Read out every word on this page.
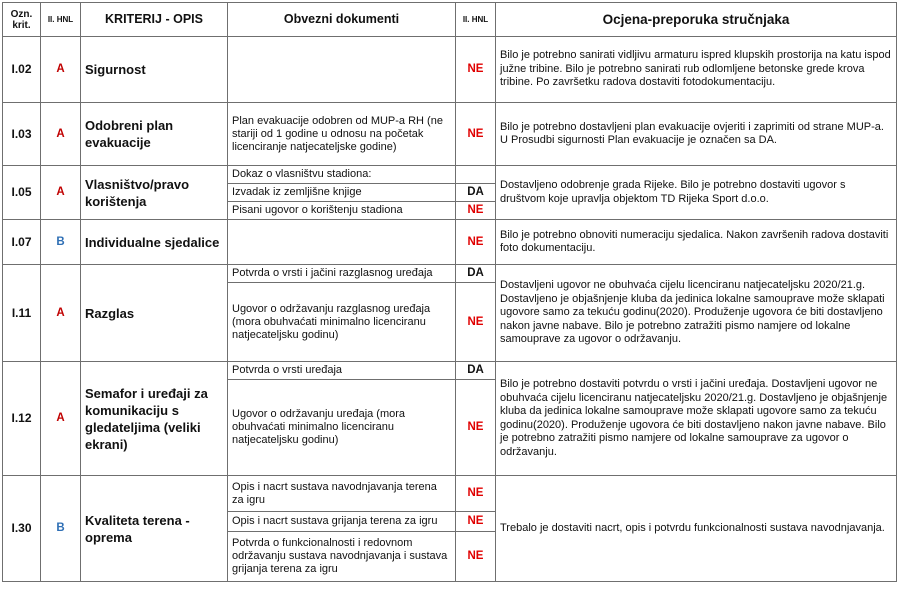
Ozn. krit.	II. HNL	KRITERIJ - OPIS	Obvezni dokumenti	II. HNL	Ocjena-preporuka stručnjaka
I.02	A	Sigurnost		NE	Bilo je potrebno sanirati vidljivu armaturu ispred klupskih prostorija na katu ispod južne tribine. Bilo je potrebno sanirati rub odlomljene betonske grede krova tribine. Po završetku radova dostaviti fotodokumentaciju.
I.03	A	Odobreni plan evakuacije	Plan evakuacije odobren od MUP-a RH (ne stariji od 1 godine u odnosu na početak licenciranje natjecateljske godine)	NE	Bilo je potrebno dostavljeni plan evakuacije ovjeriti i zaprimiti od strane MUP-a. U Prosudbi sigurnosti Plan evakuacije je označen sa DA.
I.05	A	Vlasništvo/pravo korištenja	Dokaz o vlasništvu stadiona:		Dostavljeno odobrenje grada Rijeke. Bilo je potrebno dostaviti ugovor s društvom koje upravlja objektom TD Rijeka Sport d.o.o.
			Izvadak iz zemljišne knjige	DA	
			Pisani ugovor o korištenju stadiona	NE	
I.07	B	Individualne sjedalice		NE	Bilo je potrebno obnoviti numeraciju sjedalica. Nakon završenih radova dostaviti foto dokumentaciju.
I.11	A	Razglas	Potvrda o vrsti i jačini razglasnog uređaja	DA	Dostavljeni ugovor ne obuhvaća cijelu licenciranu natjecateljsku 2020/21.g. Dostavljeno je objašnjenje kluba da jedinica lokalne samouprave može sklapati ugovore samo za tekuću godinu(2020). Produženje ugovora će biti dostavljeno nakon javne nabave. Bilo je potrebno zatražiti pismo namjere od lokalne samouprave za ugovor o održavanju.
			Ugovor o održavanju razglasnog uređaja (mora obuhvaćati minimalno licenciranu natjecateljsku godinu)	NE	
I.12	A	Semafor i uređaji za komunikaciju s gledateljima (veliki ekrani)	Potvrda o vrsti uređaja	DA	Bilo je potrebno dostaviti potvrdu o vrsti i jačini uređaja. Dostavljeni ugovor ne obuhvaća cijelu licenciranu natjecateljsku 2020/21.g. Dostavljeno je objašnjenje kluba da jedinica lokalne samouprave može sklapati ugovore samo za tekuću godinu(2020). Produženje ugovora će biti dostavljeno nakon javne nabave. Bilo je potrebno zatražiti pismo namjere od lokalne samouprave za ugovor o održavanju.
			Ugovor o održavanju uređaja (mora obuhvaćati minimalno licenciranu natjecateljsku godinu)	NE	
I.30	B	Kvaliteta terena - oprema	Opis i nacrt sustava navodnjavanja terena za igru	NE	Trebalo je dostaviti nacrt, opis i potvrdu funkcionalnosti sustava navodnjavanja.
			Opis i nacrt sustava grijanja terena za igru	NE	
			Potvrda o funkcionalnosti i redovnom održavanju sustava navodnjavanja i sustava grijanja terena za igru	NE	
